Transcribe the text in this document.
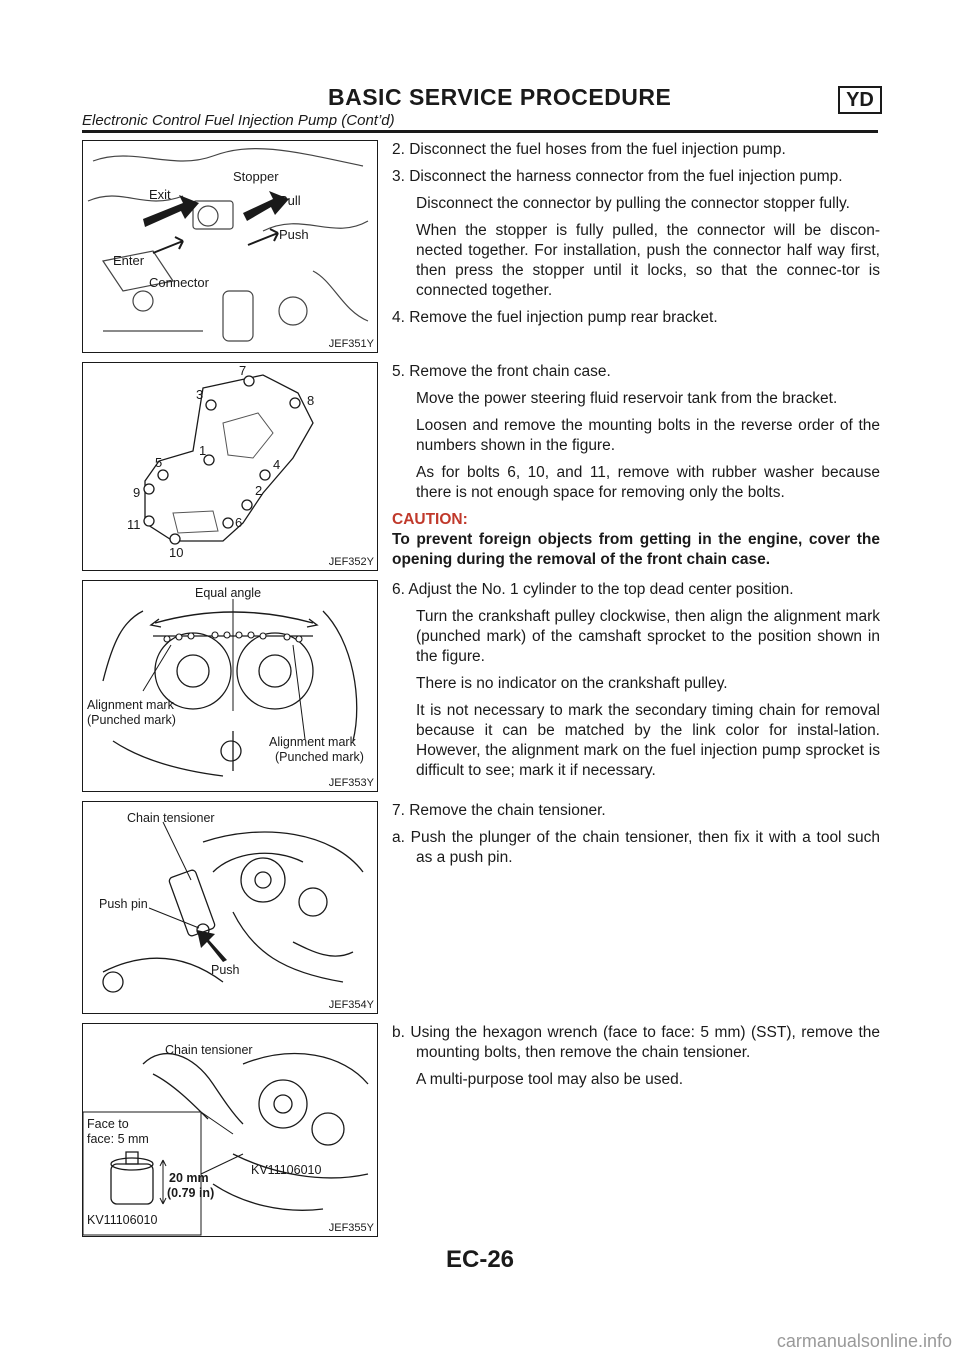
BASIC SERVICE PROCEDURE	YD
Electronic Control Fuel Injection Pump (Cont’d)
Exit
Stopper
Pull
Push
Enter
Connector
JEF351Y
7
3	8
5
1
4
9	2
11	6
10
JEF352Y
Equal angle
Alignment mark
(Punched mark)
Alignment mark
(Punched mark)
JEF353Y
Chain tensioner
Push pin
Push
JEF354Y
Chain tensioner
Face to
face: 5 mm
20 mm
(0.79 in)
KV11106010
KV11106010
JEF355Y

2. Disconnect the fuel hoses from the fuel injection pump.

3. Disconnect the harness connector from the fuel injection pump.

Disconnect the connector by pulling the connector stopper fully.

When the stopper is fully pulled, the connector will be discon-nected together. For installation, push the connector half way first, then press the stopper until it locks, so that the connec-tor is connected together.

4. Remove the fuel injection pump rear bracket.

5. Remove the front chain case.

Move the power steering fluid reservoir tank from the bracket.

Loosen and remove the mounting bolts in the reverse order of the numbers shown in the figure.

As for bolts 6, 10, and 11, remove with rubber washer because there is not enough space for removing only the bolts.

CAUTION:

To prevent foreign objects from getting in the engine, cover the opening during the removal of the front chain case.

6. Adjust the No. 1 cylinder to the top dead center position.

Turn the crankshaft pulley clockwise, then align the alignment mark (punched mark) of the camshaft sprocket to the position shown in the figure.

There is no indicator on the crankshaft pulley.

It is not necessary to mark the secondary timing chain for removal because it can be matched by the link color for instal-lation. However, the alignment mark on the fuel injection pump sprocket is difficult to see; mark it if necessary.

7. Remove the chain tensioner.

a. Push the plunger of the chain tensioner, then fix it with a tool such as a push pin.

b. Using the hexagon wrench (face to face: 5 mm) (SST), remove the mounting bolts, then remove the chain tensioner.

A multi-purpose tool may also be used.

EC-26
carmanualsonline.info
